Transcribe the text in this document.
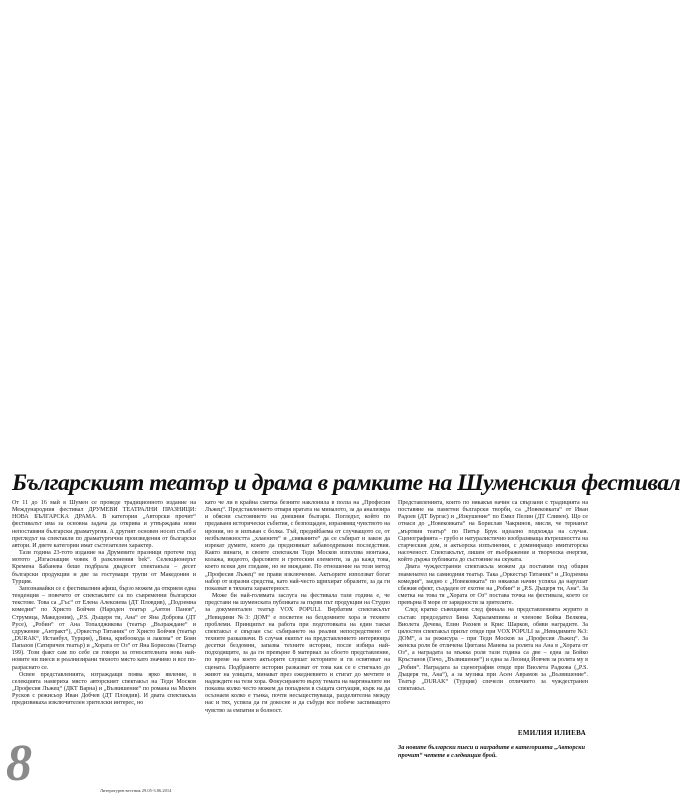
Българският театър и драма в рамките на Шуменския фестивал

От 11 до 16 май в Шумен се проведе традиционното издание на Международния фестивал ДРУМЕВИ ТЕАТРАЛНИ ПРАЗНИЦИ: НОВА БЪЛГАРСКА ДРАМА. В категория „Авторски прочит“ фестивалът има за основна задача да открива и утвърждава нови непоставяни български драматургия. А другият основен носеп стълб е прегледът на спектакли по драматургични произведения от български автори. И двете категории имат състезателен характер.

Тази година 23-тото издание на Друмевите празници протече под мотото „Изгаснащия човек 8 разклонения bek“. Селекционерът Кремена Бабанева беше подбрала двадесет спектакъла – десет български продукции и две за гостуващи трупи от Македония и Турция.

Запознавайки се с фестивалния афиш, бързо можем да открием една тенденция – повечето от спектаклите са по съвременни български текстове. Това са „Гъс“ от Елена Алексиева (ДТ Пловдив), „Подземна комедия“ по Христо Бойчев (Народен театър „Антон Панов“, Струмица, Македония), „P.S. Дъщеря ти, Ана“ от Яна Доброва (ДТ Русе), „Робин“ от Ана Топалджикова (театър „Възраждане“ и сдружение „Антракт“), „Оркестър Титаник“ от Христо Бойчев (театър „DURAK“, Истанбул, Турция), „Вяна, крибоокода и лакома“ от Боян Папазов (Сатиричен театър) и „Хората от Оз“ от Яна Борисова (Театър 199). Този факт сам по себе си говори за относителната нова най-новите ни пиеси и реалнизирани тяхното място като значимо и все по-разраснато се.

Освен представленията, изграждащи поява ярко явление, в селекцията намериха място авторският спектакъл на Теди Москов „Професия Лъжец“ (ДКТ Варна) и „Възвишение“ по романа на Милен Русков с режисьор Иван Добчев (ДТ Пловдив). И двата спектакъла предизвикаха изключителен зрителски интерес, но

като че ли в крайна сметка безните наклонила в полза на „Професия Лъжец“. Представлението отваря вратата на миналото, за да анализира и обясни състоянието на днешния българи. Погледът, който по предаваня исторически събития, с безпощаден, изразявящ чувството на ирония, но и изпъван с болка. Тъй, предийбаема от случващото се, от незбъзможността „хлаените“ и „сияваните“ да се събират и закон да изрекат думите, които да предизвикат забавоодревани последствия. Както винаги, в своите спектакли Теди Москов използва монтажа, колажа, видеото, фарсовите и гротескни елементи, за да кажд това, което всеки ден гледаме, но не виждаме. По отношение на този метод „Професия Лъжец“ не прави изключение. Актьорите използват богат набор от изразни средства, като най-често щрихират образите, за да ги показват в тяхната характерност.

Може би най-голямата заслуга на фестивала тази година е, че представи на шуменската публиката за първи път продукции на Студио за документален театър VOX POPULI. Вербатим спектакълът „Невидими №3: ДОМ“ е посветен на бездомните хора и техните проблеми. Принципът на работа при подготовката на един такъв спектакъл е свързан със събирането на реални непосредствено от техните разказвачи. В случая екипът на представлението интервюира десетки бездомни, запазва техните истории, после избира най-подходящите, за да ги превърне 8 материал за сбоето представление, по време на което актьорите слушат историите и ги освятяват на сцената. Подбраните истории разказват от това как се е стигнало до живот на улицата, минават през ежедневието и стигат до мечтите и надеждите на тези хора. Фокусирането върху темата на маргиналите ни показва колко често можем да попаднем в същата ситуация, кърк на да осъзнаем колко е тънка, почти несъществуваща, разделителна между нас и тях, успяла да ги докосне и да събуди все побече заспиващото чувство за емпатия и болност.

Представленията, които по някакъв начин са свързани с традицията на поставяне на паметни български творби, са „Новековката“ от Иван Радоев (ДТ Бургас) и „Изкушение“ по Емил Пелин (ДТ Сливен). Що се отнася до „Новековката“ на Борислав Чакринов, мисля, че тернанът „мъртвия театър“ по Питър Брук идеално подхожда на случая. Сценографията – грубо и натуралистично изобразяваща вътрешността на старческия дом, и актьорска изпълнения, с доминиращо имитаторска насоченост. Спектакълът, лишен от въображение и творческа енергия, който държа публиката до състояние на скуката.

Двата чуждестранни спектакъла можем да поставим под общия знаменател на самиодния театър. Така „Оркестър Титаник“ и „Подземна комедия“, заедно с „Новековката“ по някакъв начин успяха да нарушат сбежия ефект, създаден от ехотне на „Робин“ и „P.S. Дъщеря ти, Ана“. За сметка на това тя „Хората от Оз“ постава точка на фестивала, което се превърна 8 море от зарядности за зрителите.

След кратко съвещание след финала на представленията журито в състав: председател Бина Харалампиева и членове Бойка Велкова, Виолета Дечева, Елин Рахнев и Крис Шарков, обяви наградите. За цялостен спектакъл призът отиде при VOX POPULI за „Невидимите №3: ДОМ“, а за режисура – при Теди Москов за „Професия Лъжец“. За женска роля бе отличена Цветана Манева за ролята на Ана в „Хората от Оз“, а наградата за мъжка роля тази година са две – една за Бойко Кръстанов (Гичо, „Възвишение“) и една за Леонид Йовчев за ролята му в „Робин“. Наградата за сценография отиде при Виолета Радкова („P.S. Дъщеря ти, Ана“), а за музика при Асен Аврамов за „Възвишение“. Театър „DURAK“ (Турция) спечели отличието за чуждестранен спектакъл.

ЕМИЛИЯ ИЛИЕВА
За новите български пиеси и наградите в категорията „Авторски прочит“ четете в следващия брой.
8	Литературен вестник 29.05-3.06.2014
